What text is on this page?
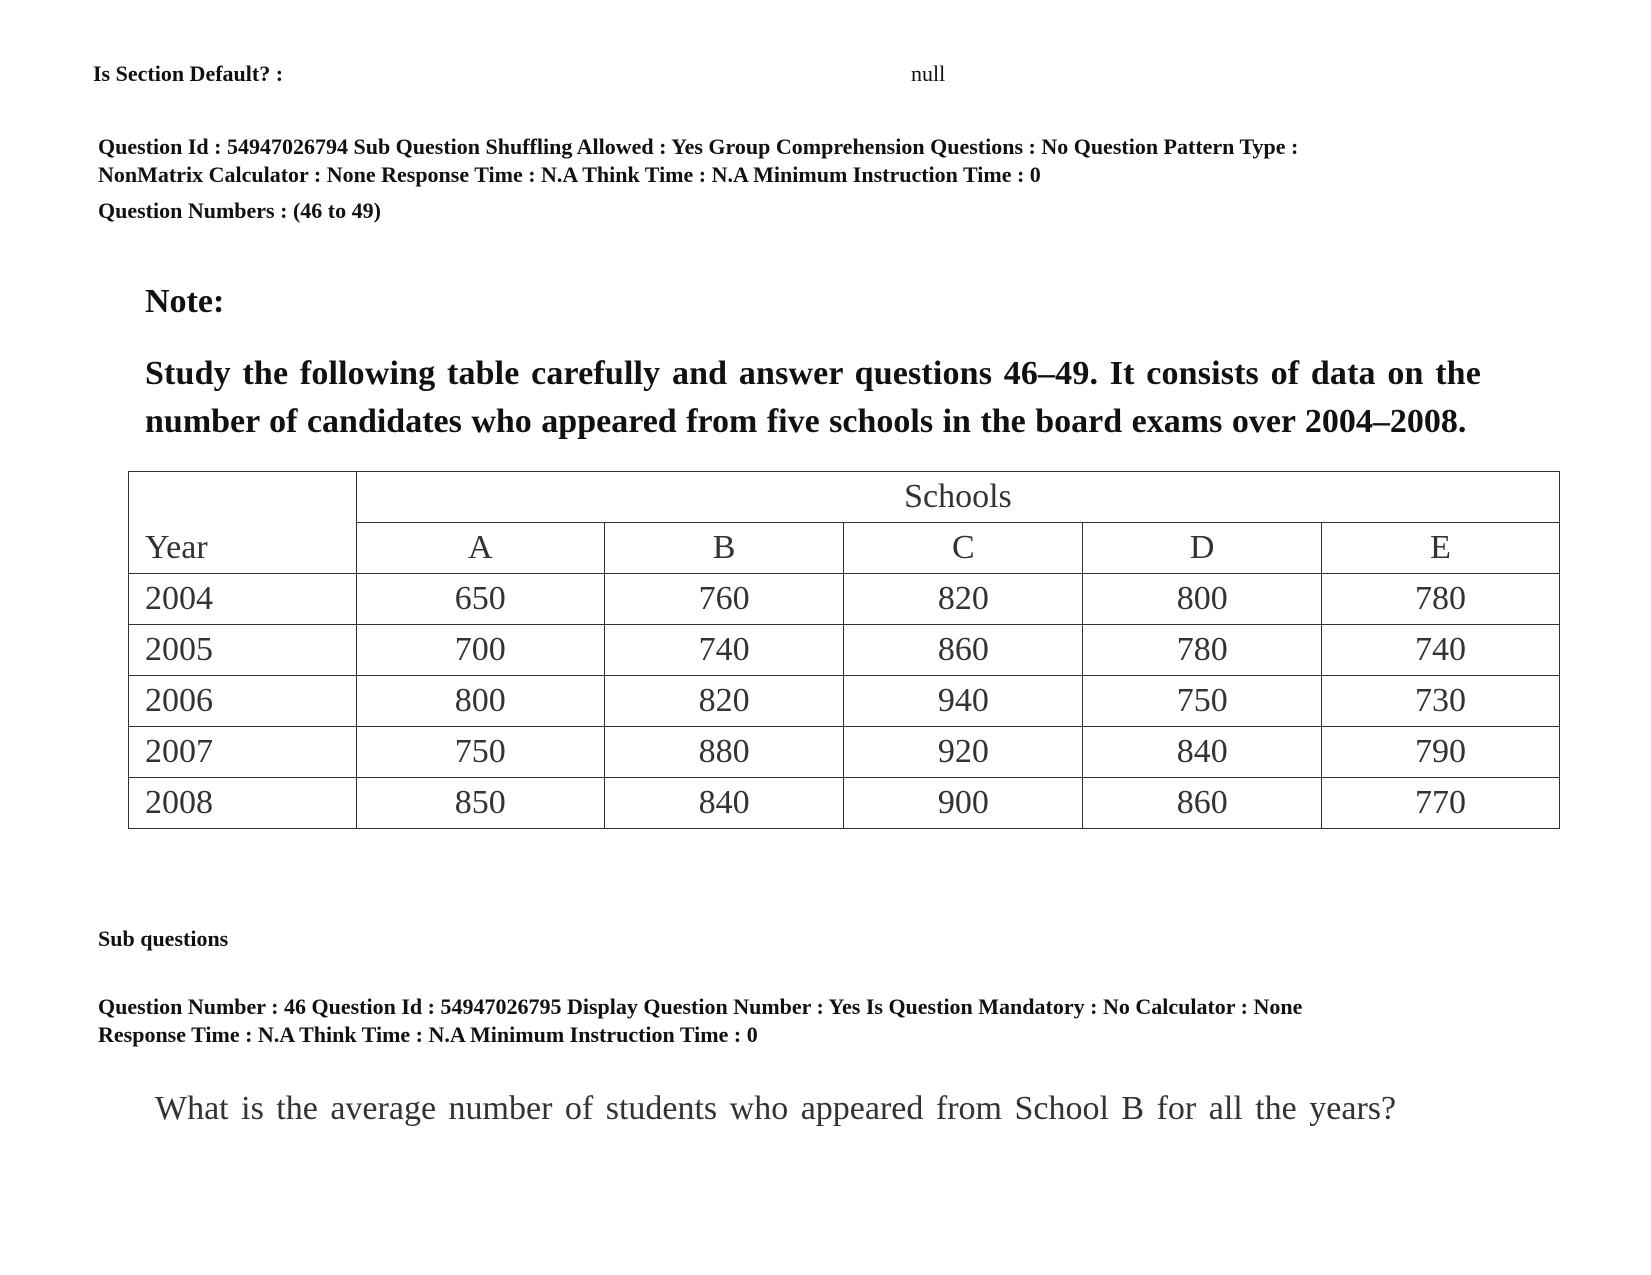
Is Section Default? :	null
Question Id : 54947026794 Sub Question Shuffling Allowed : Yes Group Comprehension Questions : No Question Pattern Type :
NonMatrix Calculator : None Response Time : N.A Think Time : N.A Minimum Instruction Time : 0
Question Numbers : (46 to 49)
Note:
Study the following table carefully and answer questions 46–49. It consists of data on the
number of candidates who appeared from five schools in the board exams over 2004–2008.
	Schools				
Year	A	B	C	D	E
2004	650	760	820	800	780
2005	700	740	860	780	740
2006	800	820	940	750	730
2007	750	880	920	840	790
2008	850	840	900	860	770
Sub questions
Question Number : 46 Question Id : 54947026795 Display Question Number : Yes Is Question Mandatory : No Calculator : None
Response Time : N.A Think Time : N.A Minimum Instruction Time : 0
What is the average number of students who appeared from School B for all the years?
